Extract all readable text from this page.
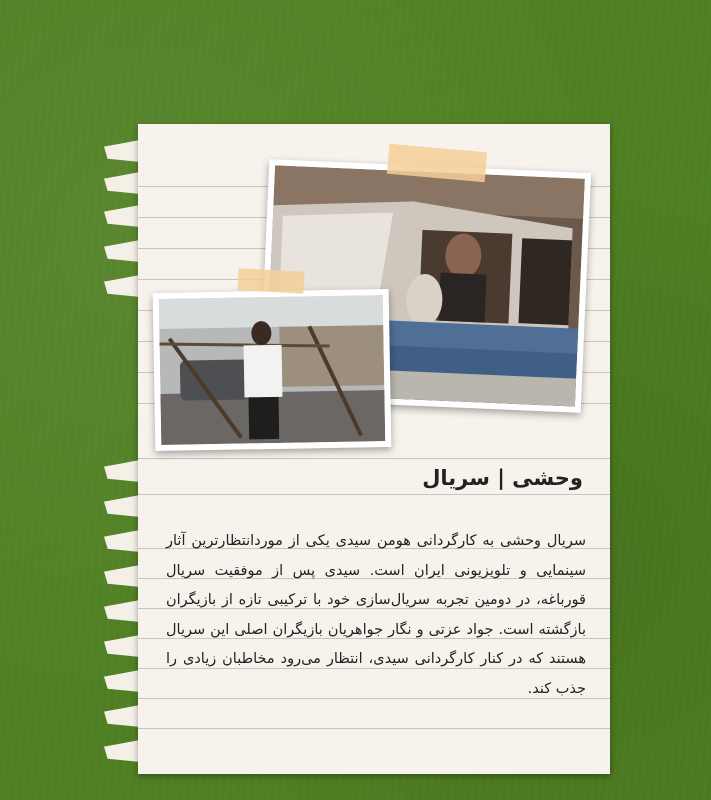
وحشی | سریال
سریال وحشی به کارگردانی هومن سیدی یکی از موردانتظارترین آثار سینمایی و تلویزیونی ایران است. سیدی پس از موفقیت سریال قورباغه، در دومین تجربه سریال‌سازی خود با ترکیبی تازه از بازیگران بازگشته است. جواد عزتی و نگار جواهریان بازیگران اصلی این سریال هستند که در کنار کارگردانی سیدی، انتظار می‌رود مخاطبان زیادی را جذب کند.
